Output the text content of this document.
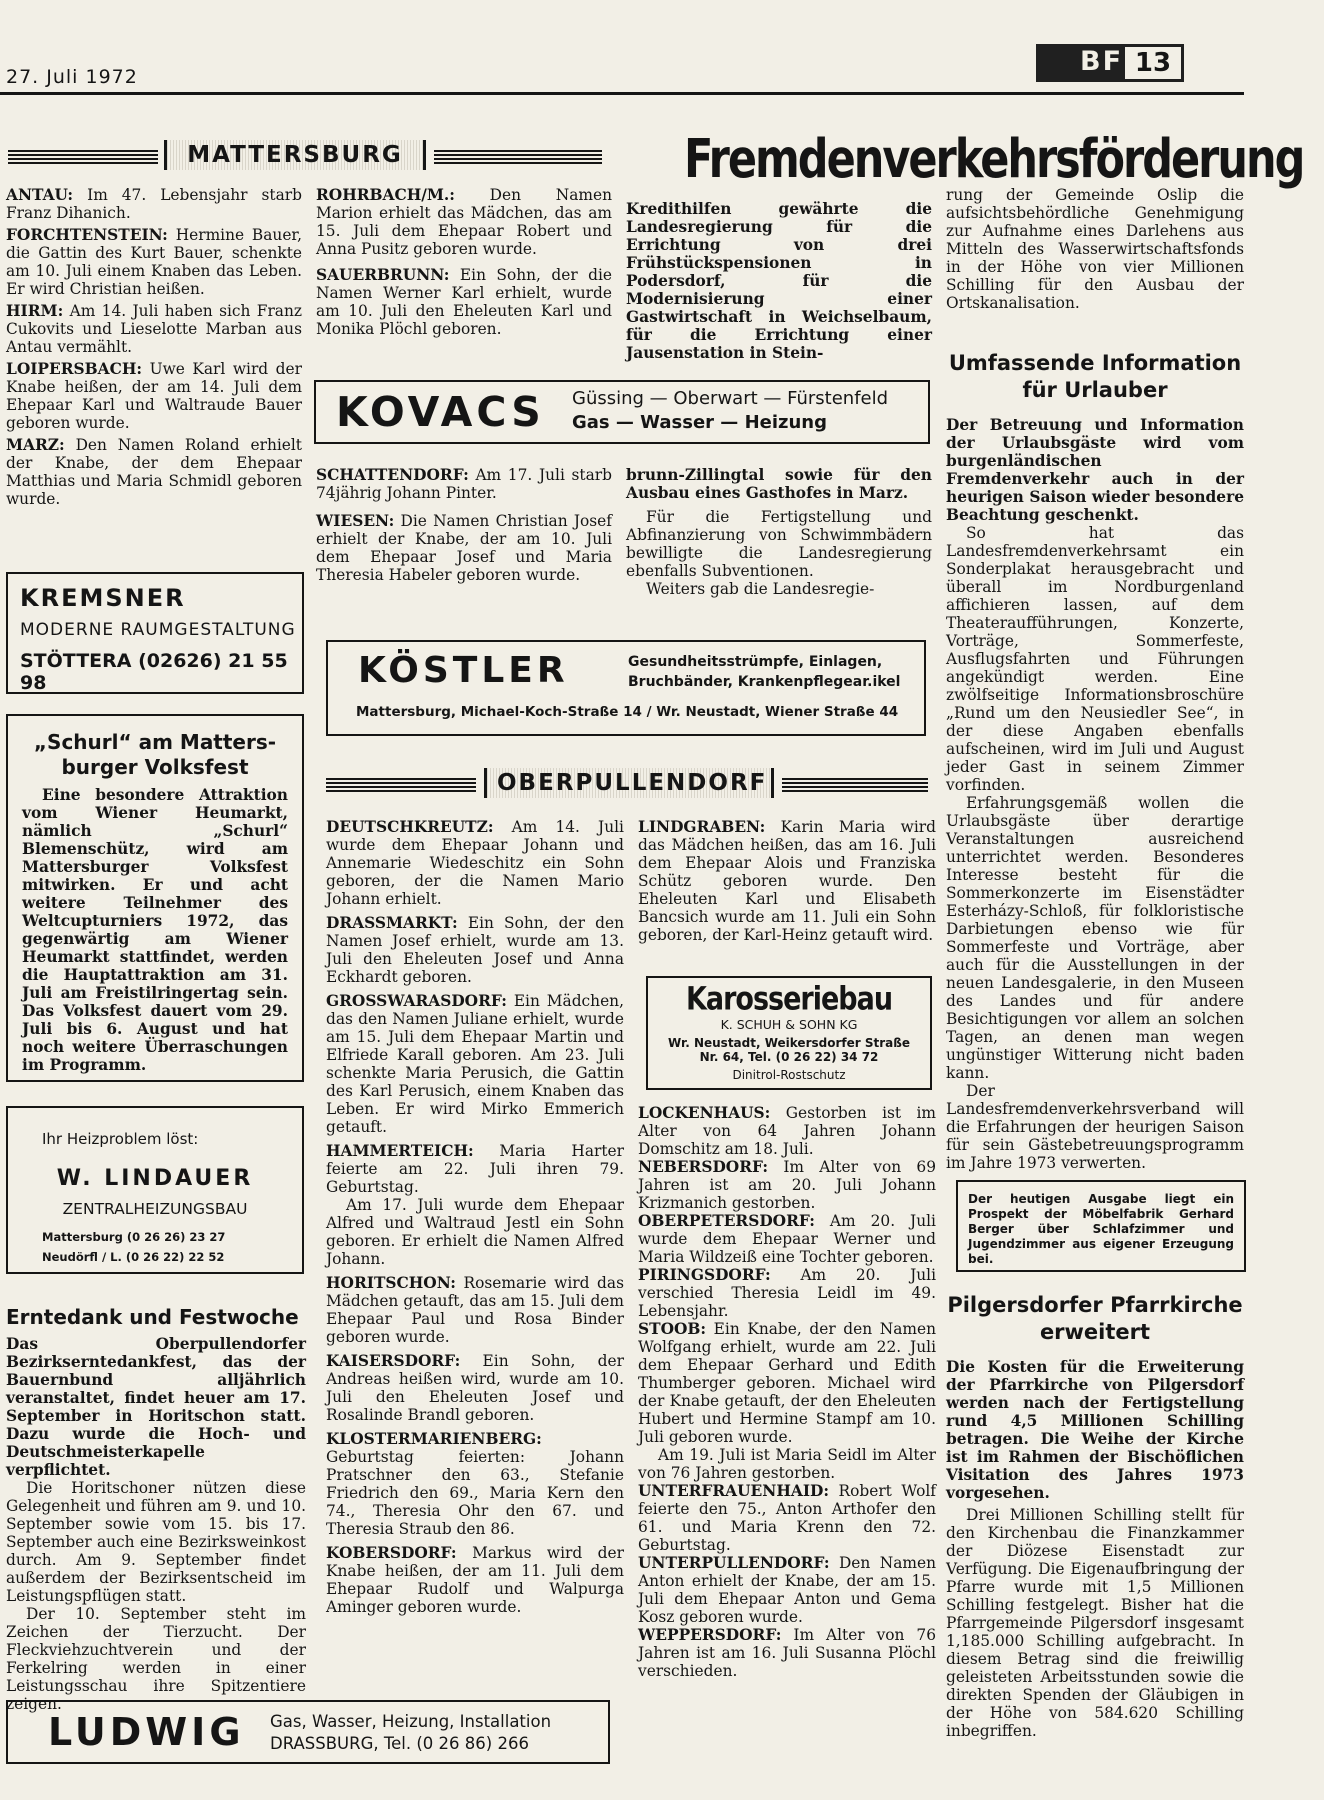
27. Juli 1972	BF 13
MATTERSBURG	Fremdenverkehrsförderung

ANTAU: Im 47. Lebensjahr starb Franz Dihanich.

FORCHTENSTEIN: Hermine Bauer, die Gattin des Kurt Bauer, schenkte am 10. Juli einem Knaben das Leben. Er wird Christian heißen.

HIRM: Am 14. Juli haben sich Franz Cukovits und Lieselotte Marban aus Antau vermählt.

LOIPERSBACH: Uwe Karl wird der Knabe heißen, der am 14. Juli dem Ehepaar Karl und Waltraude Bauer geboren wurde.

MARZ: Den Namen Roland erhielt der Knabe, der dem Ehepaar Matthias und Maria Schmidl geboren wurde.

ROHRBACH/M.: Den Namen Marion erhielt das Mädchen, das am 15. Juli dem Ehepaar Robert und Anna Pusitz geboren wurde.

SAUERBRUNN: Ein Sohn, der die Namen Werner Karl erhielt, wurde am 10. Juli den Eheleuten Karl und Monika Plöchl geboren.

Kredithilfen gewährte die Landesregierung für die Errichtung von drei Frühstückspensionen in Podersdorf, für die Modernisierung einer Gastwirtschaft in Weichselbaum, für die Errichtung einer Jausenstation in Stein-

rung der Gemeinde Oslip die aufsichtsbehördliche Genehmigung zur Aufnahme eines Darlehens aus Mitteln des Wasserwirtschaftsfonds in der Höhe von vier Millionen Schilling für den Ausbau der Ortskanalisation.

KOVACS Güssing — Oberwart — Fürstenfeld
Gas — Wasser — Heizung

SCHATTENDORF: Am 17. Juli starb 74jährig Johann Pinter.

WIESEN: Die Namen Christian Josef erhielt der Knabe, der am 10. Juli dem Ehepaar Josef und Maria Theresia Habeler geboren wurde.

brunn-Zillingtal sowie für den Ausbau eines Gasthofes in Marz.

Für die Fertigstellung und Abfinanzierung von Schwimmbädern bewilligte die Landesregierung ebenfalls Subventionen.

Weiters gab die Landesregie-

KREMSNER
MODERNE RAUMGESTALTUNG
STÖTTERA (02626) 21 55 98	KÖSTLER	Gesundheitsstrümpfe, Einlagen,
Bruchbänder, Krankenpflegear.ikel
Mattersburg, Michael-Koch-Straße 14 / Wr. Neustadt, Wiener Straße 44
„Schurl“ am Matters-
burger Volksfest

Eine besondere Attraktion vom Wiener Heumarkt, nämlich „Schurl“ Blemenschütz, wird am Mattersburger Volksfest mitwirken. Er und acht weitere Teilnehmer des Weltcupturniers 1972, das gegenwärtig am Wiener Heumarkt stattfindet, werden die Hauptattraktion am 31. Juli am Freistilringertag sein. Das Volksfest dauert vom 29. Juli bis 6. August und hat noch weitere Überraschungen im Programm.

Umfassende Information
für Urlauber

Der Betreuung und Information der Urlaubsgäste wird vom burgenländischen Fremdenverkehr auch in der heurigen Saison wieder besondere Beachtung geschenkt.

So hat das Landesfremdenverkehrsamt ein Sonderplakat herausgebracht und überall im Nordburgenland affichieren lassen, auf dem Theateraufführungen, Konzerte, Vorträge, Sommerfeste, Ausflugsfahrten und Führungen angekündigt werden. Eine zwölfseitige Informationsbroschüre „Rund um den Neusiedler See“, in der diese Angaben ebenfalls aufscheinen, wird im Juli und August jeder Gast in seinem Zimmer vorfinden.

Erfahrungsgemäß wollen die Urlaubsgäste über derartige Veranstaltungen ausreichend unterrichtet werden. Besonderes Interesse besteht für die Sommerkonzerte im Eisenstädter Esterházy-Schloß, für folkloristische Darbietungen ebenso wie für Sommerfeste und Vorträge, aber auch für die Ausstellungen in der neuen Landesgalerie, in den Museen des Landes und für andere Besichtigungen vor allem an solchen Tagen, an denen man wegen ungünstiger Witterung nicht baden kann.

Der Landesfremdenverkehrsverband will die Erfahrungen der heurigen Saison für sein Gästebetreuungsprogramm im Jahre 1973 verwerten.

OBERPULLENDORF

DEUTSCHKREUTZ: Am 14. Juli wurde dem Ehepaar Johann und Annemarie Wiedeschitz ein Sohn geboren, der die Namen Mario Johann erhielt.

DRASSMARKT: Ein Sohn, der den Namen Josef erhielt, wurde am 13. Juli den Eheleuten Josef und Anna Eckhardt geboren.

GROSSWARASDORF: Ein Mädchen, das den Namen Juliane erhielt, wurde am 15. Juli dem Ehepaar Martin und Elfriede Karall geboren. Am 23. Juli schenkte Maria Perusich, die Gattin des Karl Perusich, einem Knaben das Leben. Er wird Mirko Emmerich getauft.

HAMMERTEICH: Maria Harter feierte am 22. Juli ihren 79. Geburtstag.

Am 17. Juli wurde dem Ehepaar Alfred und Waltraud Jestl ein Sohn geboren. Er erhielt die Namen Alfred Johann.

HORITSCHON: Rosemarie wird das Mädchen getauft, das am 15. Juli dem Ehepaar Paul und Rosa Binder geboren wurde.

KAISERSDORF: Ein Sohn, der Andreas heißen wird, wurde am 10. Juli den Eheleuten Josef und Rosalinde Brandl geboren.

KLOSTERMARIENBERG: Geburtstag feierten: Johann Pratschner den 63., Stefanie Friedrich den 69., Maria Kern den 74., Theresia Ohr den 67. und Theresia Straub den 86.

KOBERSDORF: Markus wird der Knabe heißen, der am 11. Juli dem Ehepaar Rudolf und Walpurga Aminger geboren wurde.

LINDGRABEN: Karin Maria wird das Mädchen heißen, das am 16. Juli dem Ehepaar Alois und Franziska Schütz geboren wurde. Den Eheleuten Karl und Elisabeth Bancsich wurde am 11. Juli ein Sohn geboren, der Karl-Heinz getauft wird.

Karosseriebau
K. SCHUH & SOHN KG
Wr. Neustadt, Weikersdorfer Straße
Nr. 64, Tel. (0 26 22) 34 72
Dinitrol-Rostschutz

LOCKENHAUS: Gestorben ist im Alter von 64 Jahren Johann Domschitz am 18. Juli.

NEBERSDORF: Im Alter von 69 Jahren ist am 20. Juli Johann Krizmanich gestorben.

OBERPETERSDORF: Am 20. Juli wurde dem Ehepaar Werner und Maria Wildzeiß eine Tochter geboren.

PIRINGSDORF: Am 20. Juli verschied Theresia Leidl im 49. Lebensjahr.

STOOB: Ein Knabe, der den Namen Wolfgang erhielt, wurde am 22. Juli dem Ehepaar Gerhard und Edith Thumberger geboren. Michael wird der Knabe getauft, der den Eheleuten Hubert und Hermine Stampf am 10. Juli geboren wurde.

Am 19. Juli ist Maria Seidl im Alter von 76 Jahren gestorben.

UNTERFRAUENHAID: Robert Wolf feierte den 75., Anton Arthofer den 61. und Maria Krenn den 72. Geburtstag.

UNTERPULLENDORF: Den Namen Anton erhielt der Knabe, der am 15. Juli dem Ehepaar Anton und Gema Kosz geboren wurde.

WEPPERSDORF: Im Alter von 76 Jahren ist am 16. Juli Susanna Plöchl verschieden.

Ihr Heizproblem löst:
W. LINDAUER
ZENTRALHEIZUNGSBAU
Mattersburg (0 26 26) 23 27
Neudörfl / L. (0 26 22) 22 52

Der heutigen Ausgabe liegt ein Prospekt der Möbelfabrik Gerhard Berger über Schlafzimmer und Jugendzimmer aus eigener Erzeugung bei.

Erntedank und Festwoche

Das Oberpullendorfer Bezirkserntedankfest, das der Bauernbund alljährlich veranstaltet, findet heuer am 17. September in Horitschon statt. Dazu wurde die Hoch- und Deutschmeisterkapelle verpflichtet.

Die Horitschoner nützen diese Gelegenheit und führen am 9. und 10. September sowie vom 15. bis 17. September auch eine Bezirksweinkost durch. Am 9. September findet außerdem der Bezirksentscheid im Leistungspflügen statt.

Der 10. September steht im Zeichen der Tierzucht. Der Fleckviehzuchtverein und der Ferkelring werden in einer Leistungsschau ihre Spitzentiere zeigen.

Pilgersdorfer Pfarrkirche
erweitert

Die Kosten für die Erweiterung der Pfarrkirche von Pilgersdorf werden nach der Fertigstellung rund 4,5 Millionen Schilling betragen. Die Weihe der Kirche ist im Rahmen der Bischöflichen Visitation des Jahres 1973 vorgesehen.

Drei Millionen Schilling stellt für den Kirchenbau die Finanzkammer der Diözese Eisenstadt zur Verfügung. Die Eigenaufbringung der Pfarre wurde mit 1,5 Millionen Schilling festgelegt. Bisher hat die Pfarrgemeinde Pilgersdorf insgesamt 1,185.000 Schilling aufgebracht. In diesem Betrag sind die freiwillig geleisteten Arbeitsstunden sowie die direkten Spenden der Gläubigen in der Höhe von 584.620 Schilling inbegriffen.

LUDWIG Gas, Wasser, Heizung, Installation
DRASSBURG, Tel. (0 26 86) 266
